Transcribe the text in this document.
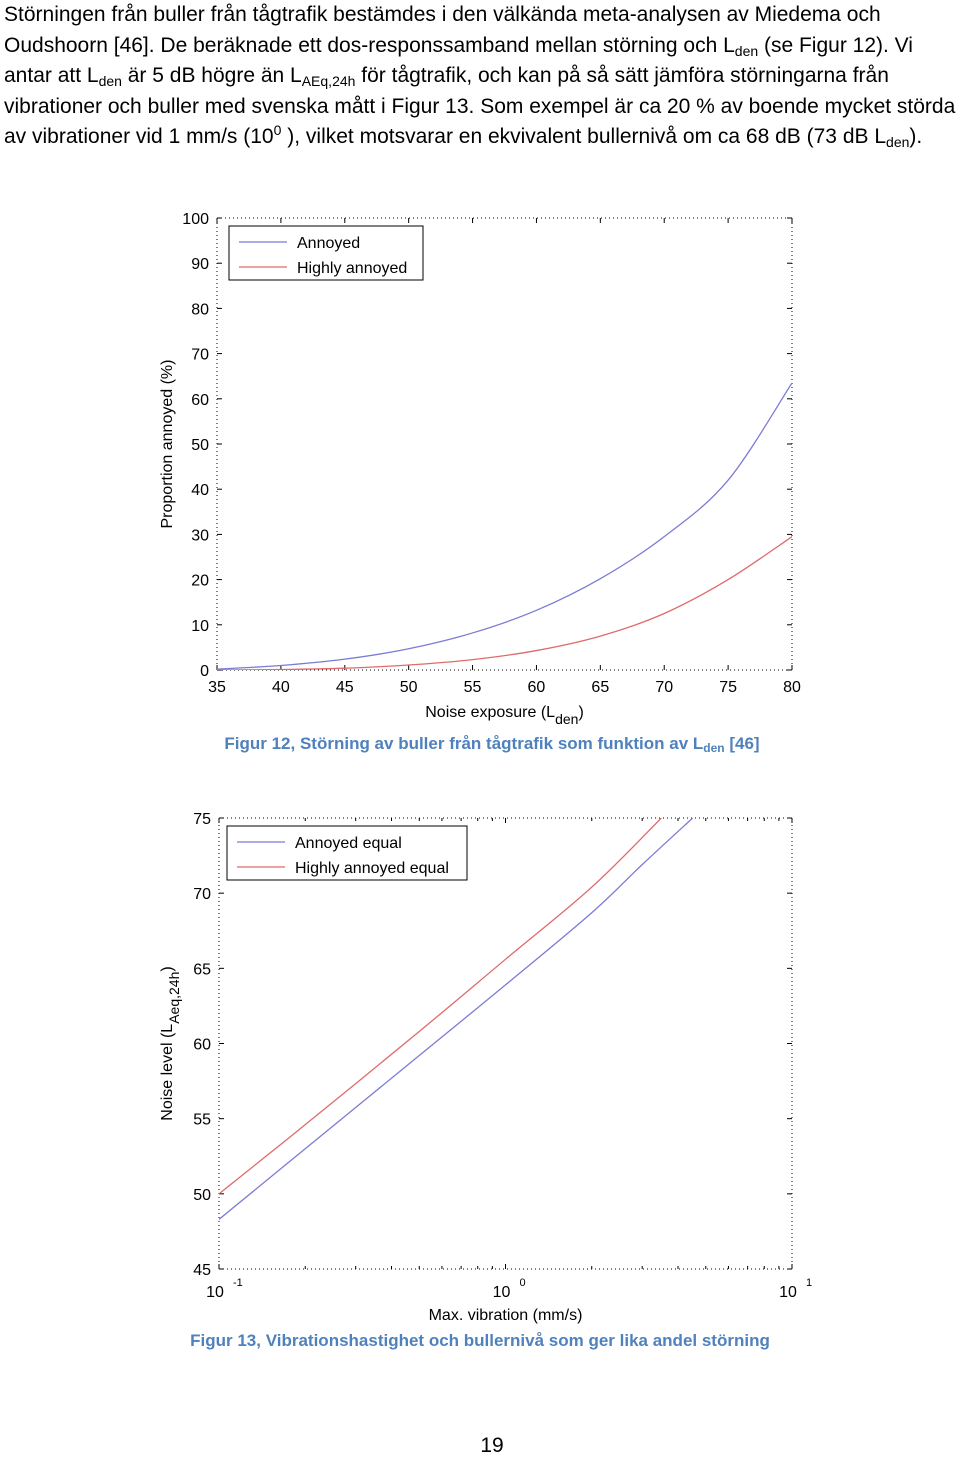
Störningen från buller från tågtrafik bestämdes i den välkända meta-analysen av Miedema och Oudshoorn [46]. De beräknade ett dos-responssamband mellan störning och $L_{den}$ (se Figur 12). Vi antar att $L_{den}$ är 5 dB högre än $L_{AEq,24h}$ för tågtrafik, och kan på så sätt jämföra störningarna från vibrationer och buller med svenska mått i Figur 13. Som exempel är ca 20 % av boende mycket störda av vibrationer vid 1 mm/s ($10^0$ ), vilket motsvarar en ekvivalent bullernivå om ca 68 dB (73 dB $L_{den}$).
0
10
20
30
40
50
60
70
80
90
100
35	40	45	50	55	60	65	70	75	80
Annoyed
Highly annoyed
Noise exposure (Lden)
Proportion annoyed (%)
Figur 12, Störning av buller från tågtrafik som funktion av $L_{den}$ [46]
45
50
55
60
65
70
75
10
-1
10
0
10
1
Annoyed equal
Highly annoyed equal
Max. vibration (mm/s)
Noise level (LAeq,24h)
Figur 13, Vibrationshastighet och bullernivå som ger lika andel störning
19
